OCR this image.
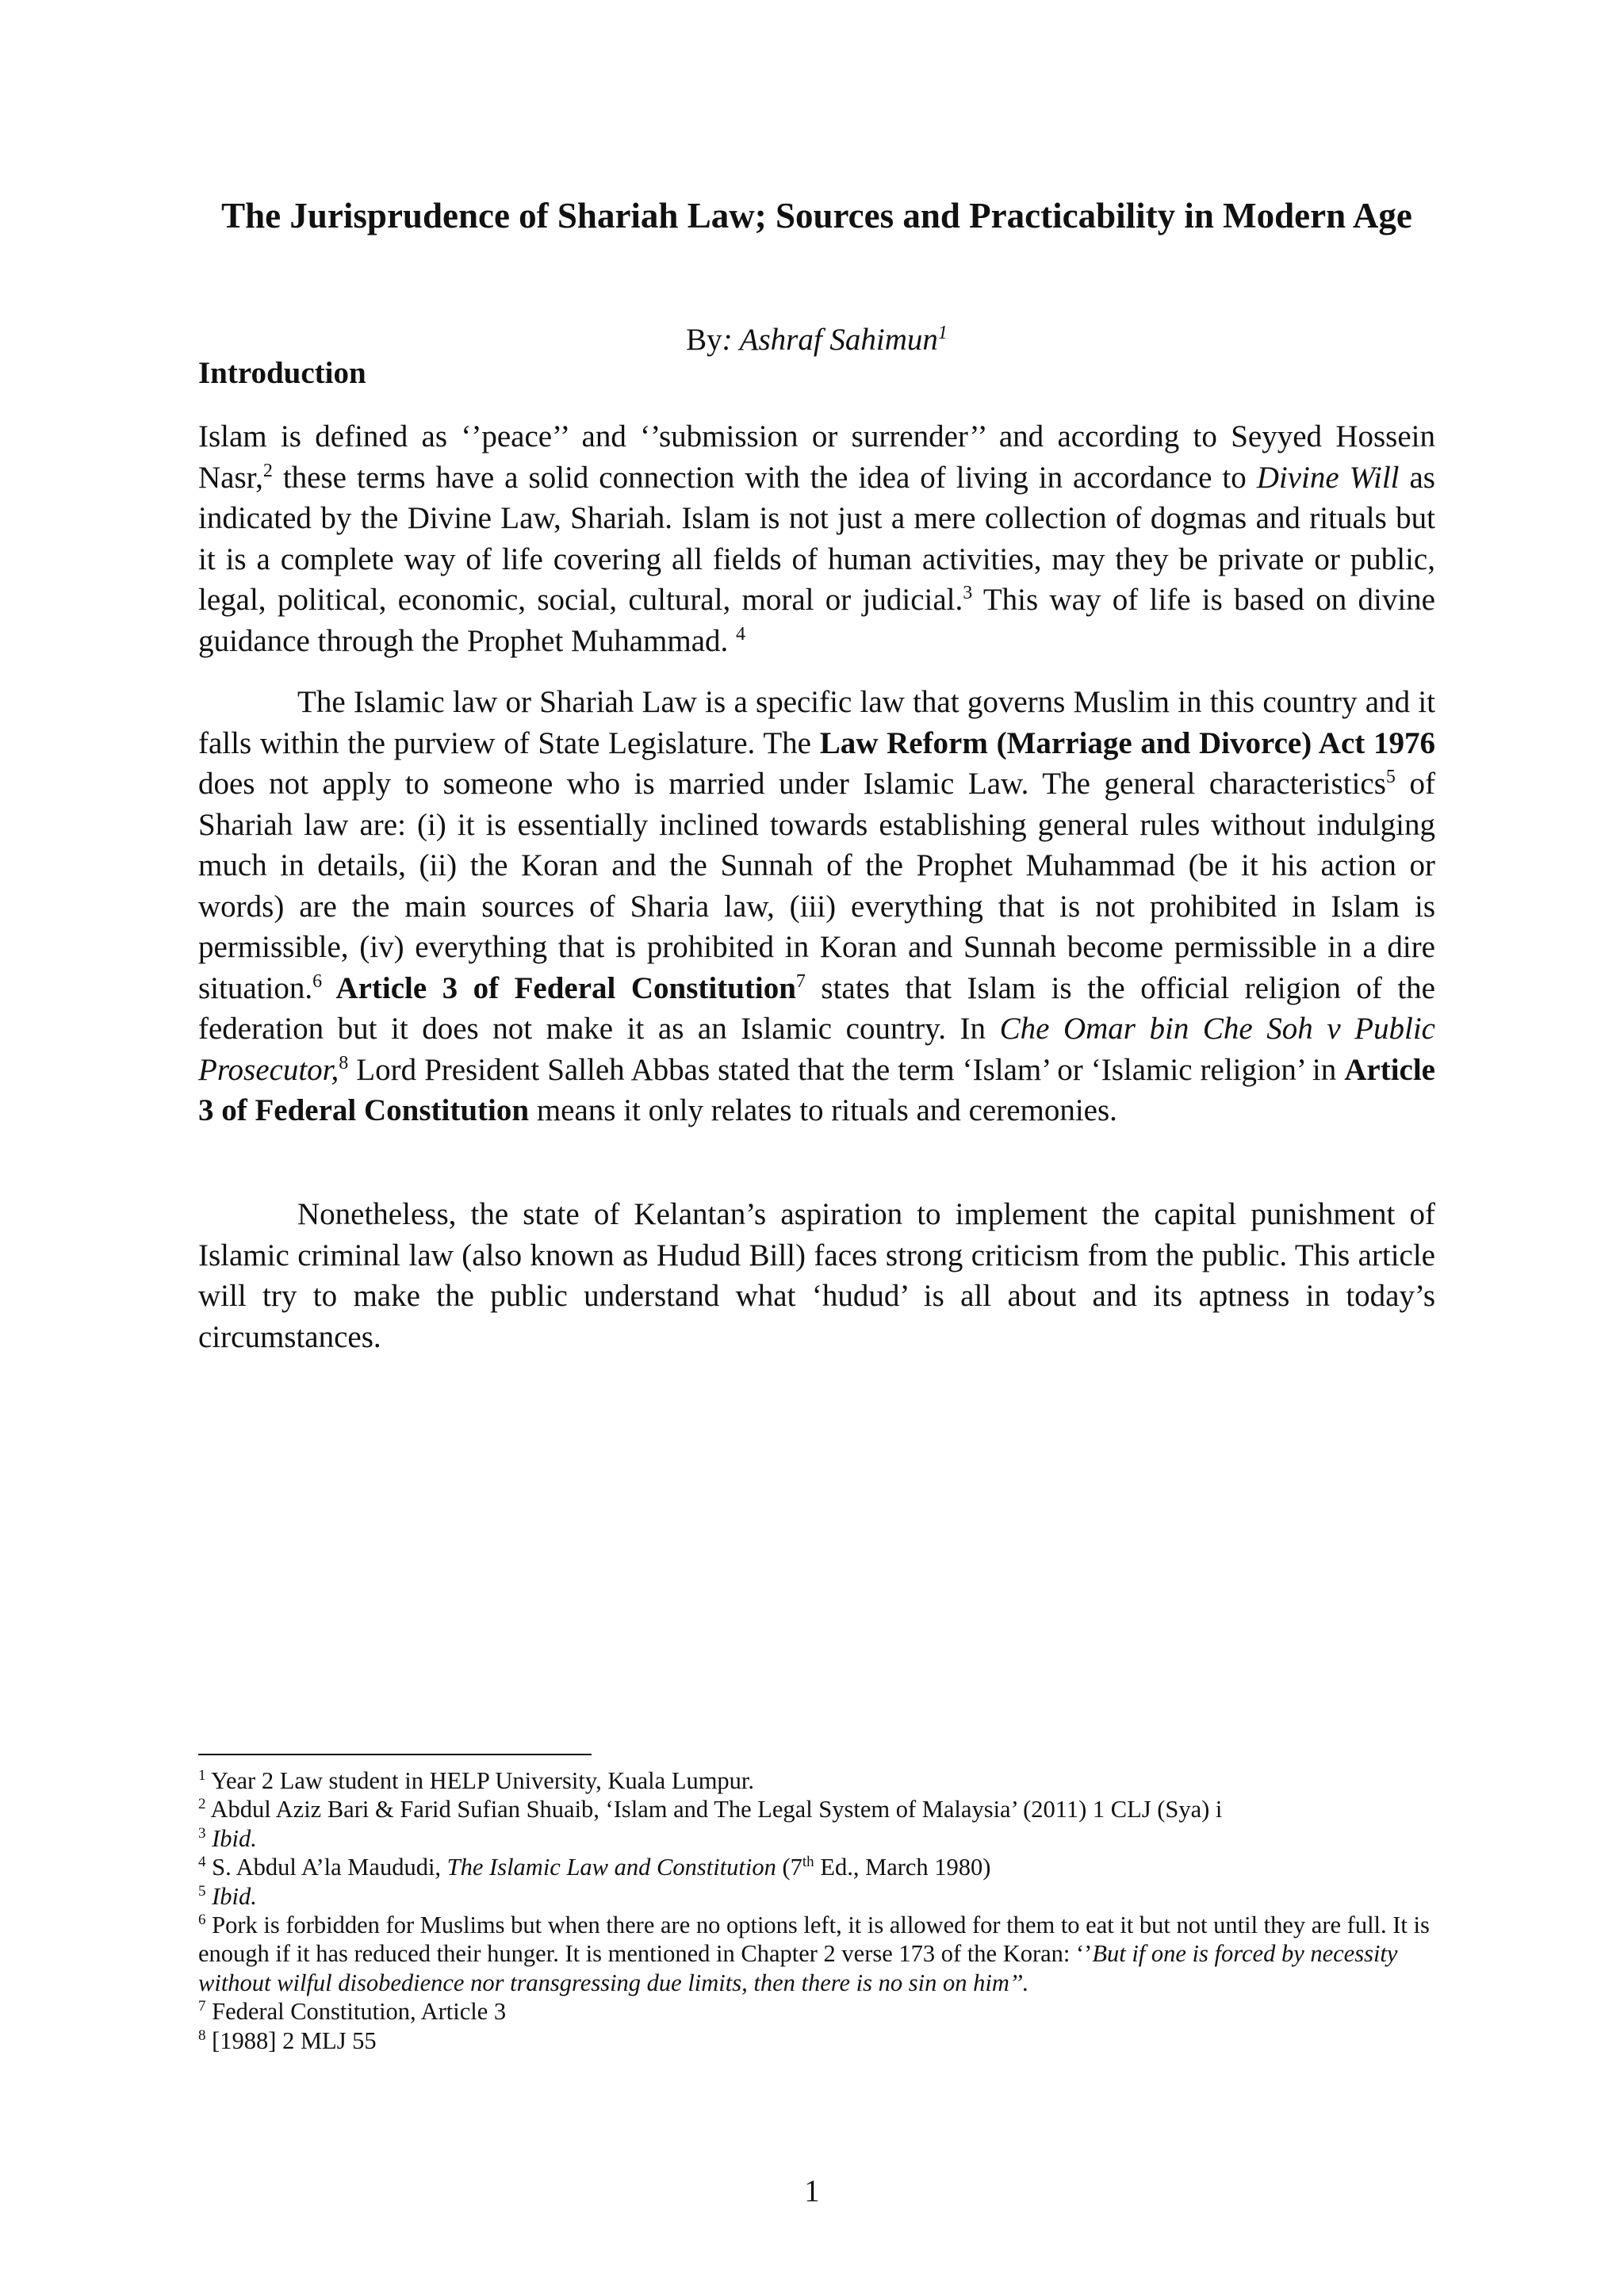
The Jurisprudence of Shariah Law; Sources and Practicability in Modern Age
By: Ashraf Sahimun$^1$
Introduction

Islam is defined as ‘’peace’’ and ‘’submission or surrender’’ and according to Seyyed Hossein Nasr,$^2$ these terms have a solid connection with the idea of living in accordance to Divine Will as indicated by the Divine Law, Shariah. Islam is not just a mere collection of dogmas and rituals but it is a complete way of life covering all fields of human activities, may they be private or public, legal, political, economic, social, cultural, moral or judicial.$^3$ This way of life is based on divine guidance through the Prophet Muhammad. $^4$

The Islamic law or Shariah Law is a specific law that governs Muslim in this country and it falls within the purview of State Legislature. The Law Reform (Marriage and Divorce) Act 1976 does not apply to someone who is married under Islamic Law. The general characteristics$^5$ of Shariah law are: (i) it is essentially inclined towards establishing general rules without indulging much in details, (ii) the Koran and the Sunnah of the Prophet Muhammad (be it his action or words) are the main sources of Sharia law, (iii) everything that is not prohibited in Islam is permissible, (iv) everything that is prohibited in Koran and Sunnah become permissible in a dire situation.$^6$ Article 3 of Federal Constitution$^7$ states that Islam is the official religion of the federation but it does not make it as an Islamic country. In Che Omar bin Che Soh v Public Prosecutor,$^8$ Lord President Salleh Abbas stated that the term ‘Islam’ or ‘Islamic religion’ in Article 3 of Federal Constitution means it only relates to rituals and ceremonies.

Nonetheless, the state of Kelantan’s aspiration to implement the capital punishment of Islamic criminal law (also known as Hudud Bill) faces strong criticism from the public. This article will try to make the public understand what ‘hudud’ is all about and its aptness in today’s circumstances.

$^1$ Year 2 Law student in HELP University, Kuala Lumpur.

$^2$ Abdul Aziz Bari & Farid Sufian Shuaib, ‘Islam and The Legal System of Malaysia’ (2011) 1 CLJ (Sya) i

$^3$ Ibid.

$^4$ S. Abdul A’la Maududi, The Islamic Law and Constitution (7th Ed., March 1980)

$^5$ Ibid.

$^6$ Pork is forbidden for Muslims but when there are no options left, it is allowed for them to eat it but not until they are full. It is enough if it has reduced their hunger. It is mentioned in Chapter 2 verse 173 of the Koran: ‘’But if one is forced by necessity without wilful disobedience nor transgressing due limits, then there is no sin on him’’.

$^7$ Federal Constitution, Article 3

$^8$ [1988] 2 MLJ 55

1
